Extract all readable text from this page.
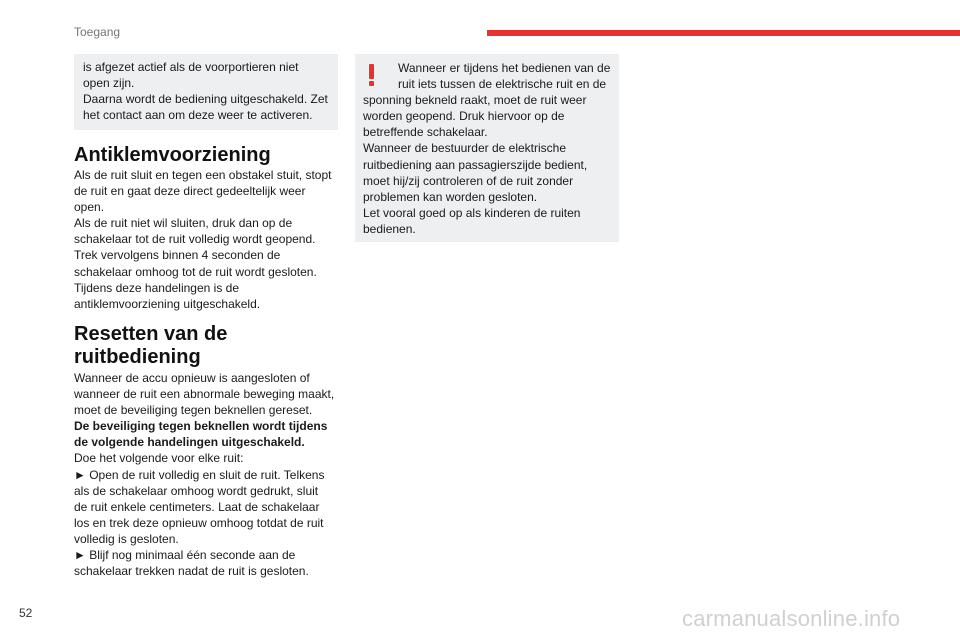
Toegang

is afgezet actief als de voorportieren niet

open zijn.

Daarna wordt de bediening uitgeschakeld. Zet

het contact aan om deze weer te activeren.

Antiklemvoorziening
Als de ruit sluit en tegen een obstakel stuit, stopt
de ruit en gaat deze direct gedeeltelijk weer
open.
Als de ruit niet wil sluiten, druk dan op de
schakelaar tot de ruit volledig wordt geopend.
Trek vervolgens binnen 4 seconden de
schakelaar omhoog tot de ruit wordt gesloten.
Tijdens deze handelingen is de
antiklemvoorziening uitgeschakeld.
Resetten van de
ruitbediening
Wanneer de accu opnieuw is aangesloten of
wanneer de ruit een abnormale beweging maakt,
moet de beveiliging tegen beknellen gereset.
De beveiliging tegen beknellen wordt tijdens
de volgende handelingen uitgeschakeld.
Doe het volgende voor elke ruit:
► Open de ruit volledig en sluit de ruit. Telkens
als de schakelaar omhoog wordt gedrukt, sluit
de ruit enkele centimeters. Laat de schakelaar
los en trek deze opnieuw omhoog totdat de ruit
volledig is gesloten.
► Blijf nog minimaal één seconde aan de
schakelaar trekken nadat de ruit is gesloten.

Wanneer er tijdens het bedienen van de

ruit iets tussen de elektrische ruit en de

sponning bekneld raakt, moet de ruit weer

worden geopend. Druk hiervoor op de

betreffende schakelaar.

Wanneer de bestuurder de elektrische

ruitbediening aan passagierszijde bedient,

moet hij/zij controleren of de ruit zonder

problemen kan worden gesloten.

Let vooral goed op als kinderen de ruiten

bedienen.

52	carmanualsonline.info
